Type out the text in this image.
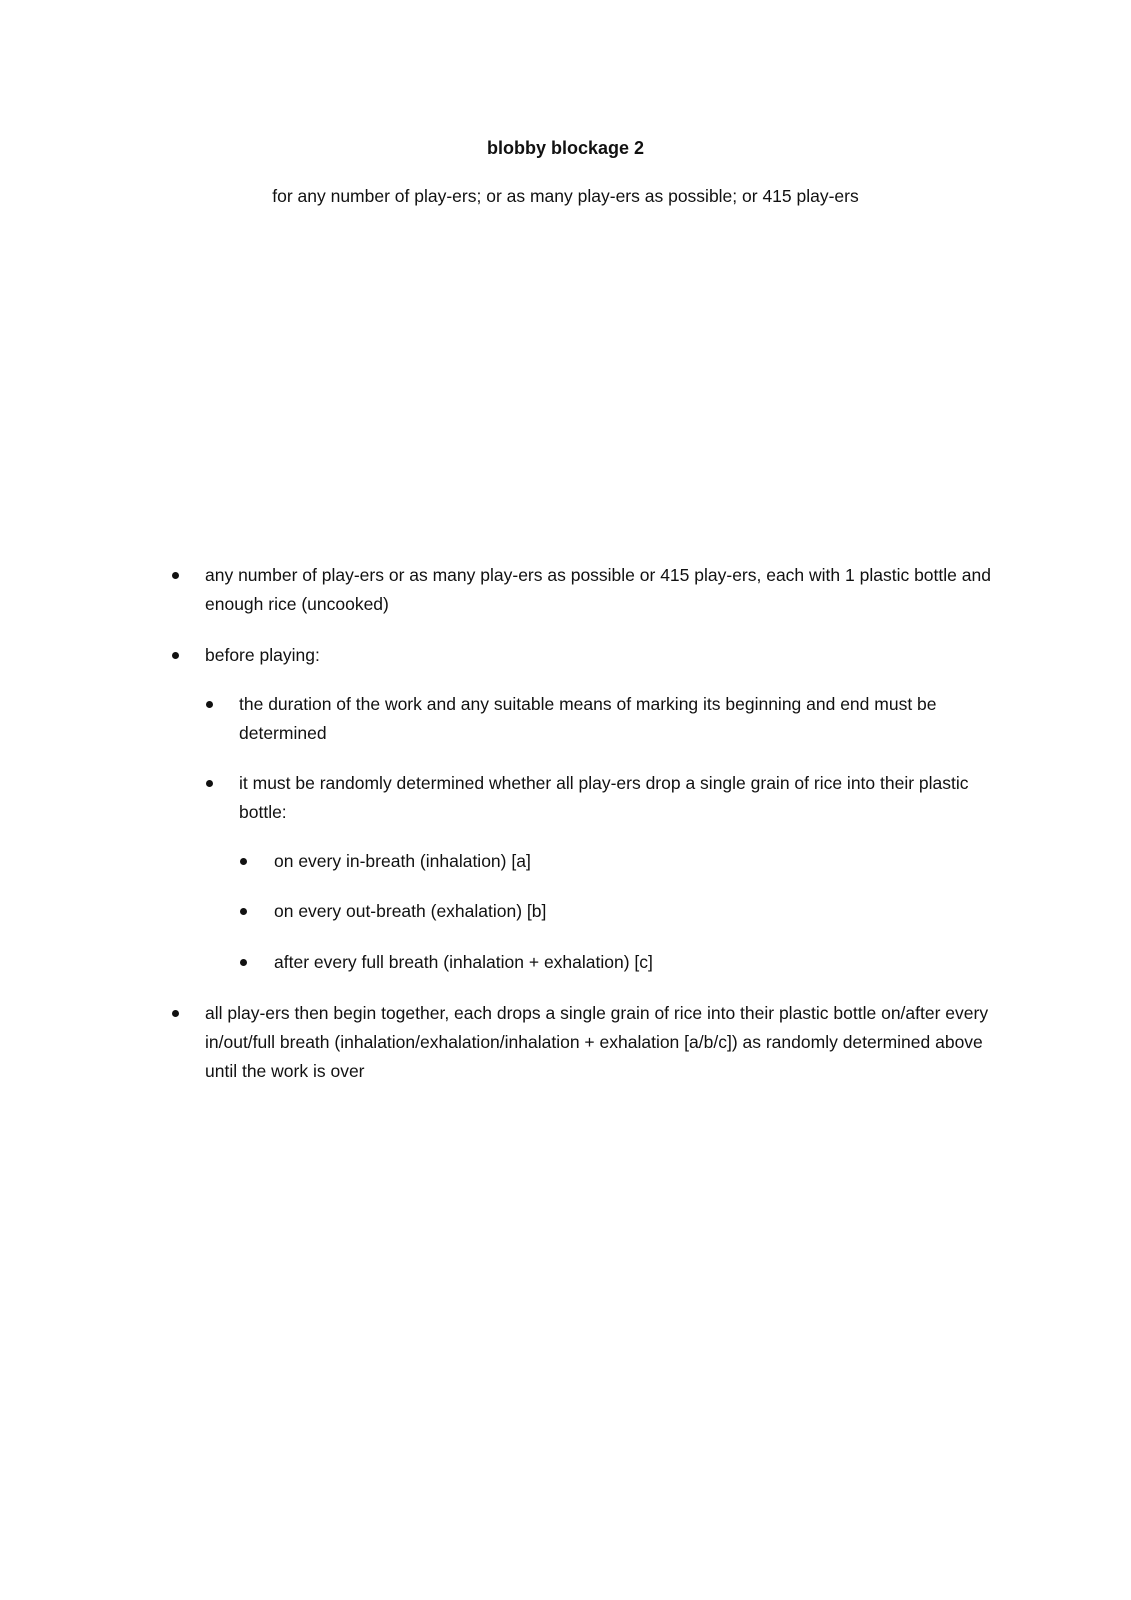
blobby blockage 2
for any number of play-ers; or as many play-ers as possible; or 415 play-ers
any number of play-ers or as many play-ers as possible or 415 play-ers, each with 1 plastic bottle and enough rice (uncooked)
before playing:
the duration of the work and any suitable means of marking its beginning and end must be determined
it must be randomly determined whether all play-ers drop a single grain of rice into their plastic bottle:
on every in-breath (inhalation) [a]
on every out-breath (exhalation) [b]
after every full breath (inhalation + exhalation) [c]
all play-ers then begin together, each drops a single grain of rice into their plastic bottle on/after every in/out/full breath (inhalation/exhalation/inhalation + exhalation [a/b/c]) as randomly determined above until the work is over
